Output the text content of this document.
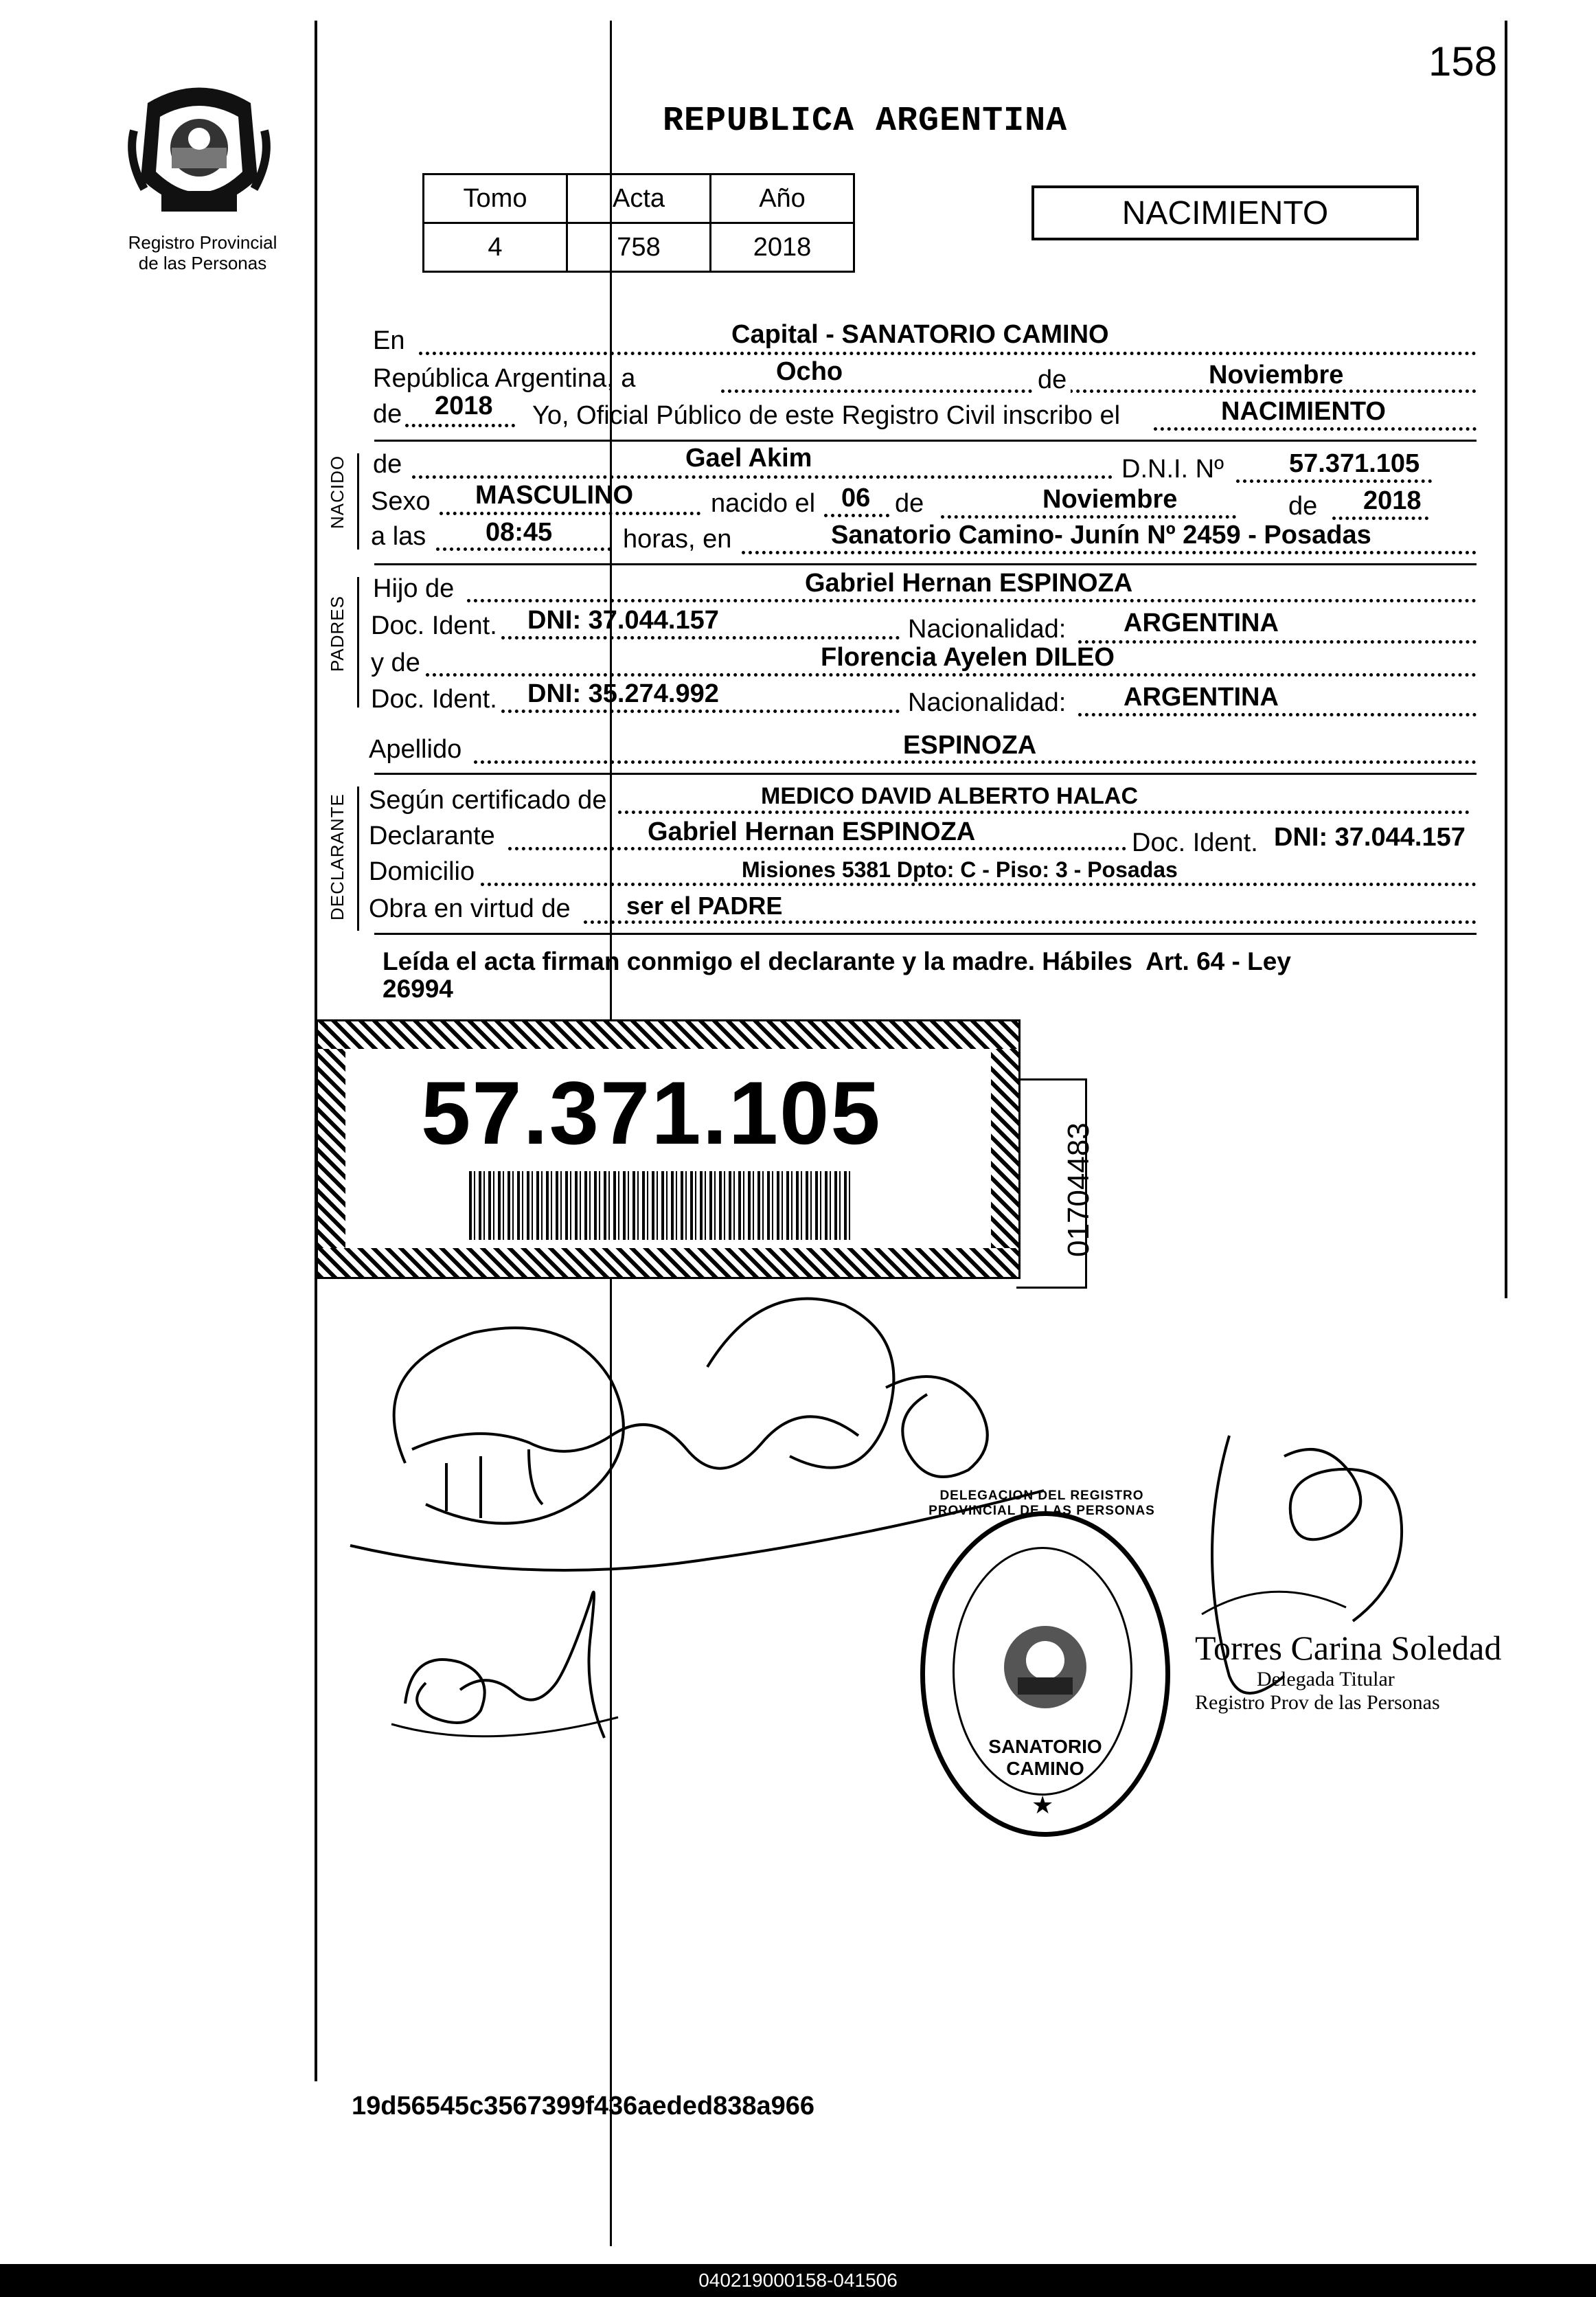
158
Registro Provincial
de las Personas
REPUBLICA ARGENTINA
Tomo	Acta	Año
4	758	2018
NACIMIENTO
En	Capital - SANATORIO CAMINO
República Argentina, a	Ocho	de	Noviembre
de 2018 Yo, Oficial Público de este Registro Civil inscribo el	NACIMIENTO
NACIDO de	Gael Akim	D.N.I. Nº	57.371.105
Sexo MASCULINO	nacido el 06 de	Noviembre	de 2018
a las 08:45	horas, en	Sanatorio Camino- Junín Nº 2459 - Posadas
PADRES
Hijo de	Gabriel Hernan ESPINOZA
Doc. Ident. DNI: 37.044.157	Nacionalidad: ARGENTINA
y de	Florencia Ayelen DILEO
Doc. Ident. DNI: 35.274.992	Nacionalidad: ARGENTINA
Apellido	ESPINOZA
DECLARANTE Según certificado de	MEDICO DAVID ALBERTO HALAC
Declarante	Gabriel Hernan ESPINOZA	Doc. Ident. DNI: 37.044.157
Domicilio	Misiones 5381 Dpto: C - Piso: 3 - Posadas
Obra en virtud de ser el PADRE
Leída el acta firman conmigo el declarante y la madre. Hábiles  Art. 64 - Ley
26994
57.371.105
01704483
SANATORIO CAMINO
DELEGACION DEL REGISTRO PROVINCIAL DE LAS PERSONAS
★
Torres Carina Soledad
Delegada Titular
Registro Prov de las Personas
19d56545c3567399f436aeded838a966
040219000158-041506
